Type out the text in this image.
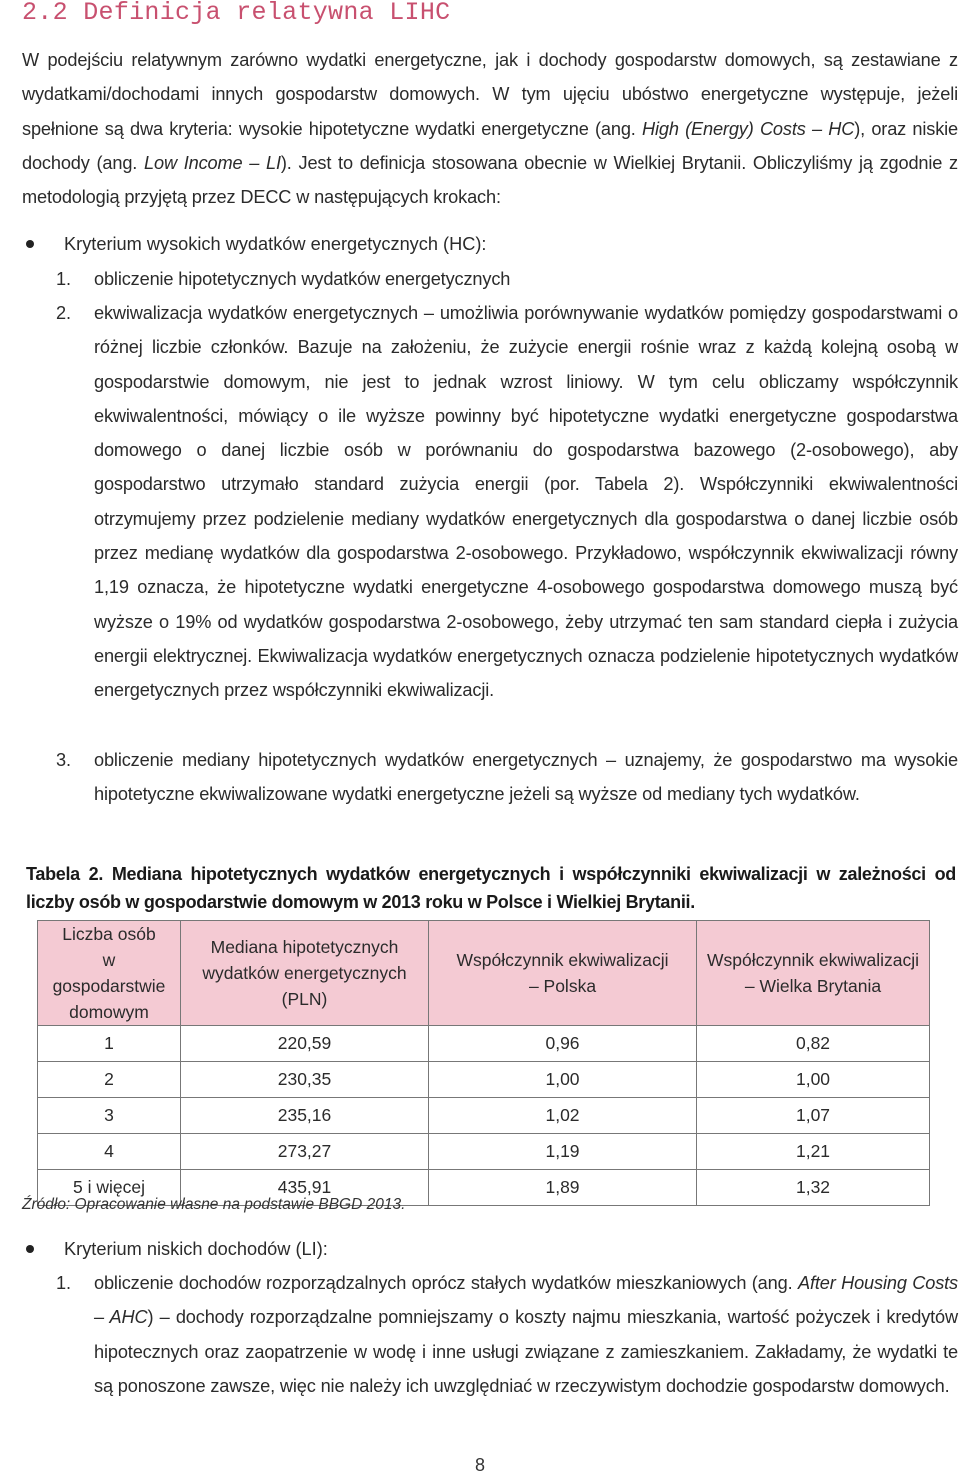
2.2 Definicja relatywna LIHC

W podejściu relatywnym zarówno wydatki energetyczne, jak i dochody gospodarstw domowych, są zestawiane z wydatkami/dochodami innych gospodarstw domowych. W tym ujęciu ubóstwo energetyczne występuje, jeżeli spełnione są dwa kryteria: wysokie hipotetyczne wydatki energetyczne (ang. High (Energy) Costs – HC), oraz niskie dochody (ang. Low Income – LI). Jest to definicja stosowana obecnie w Wielkiej Brytanii. Obliczyliśmy ją zgodnie z metodologią przyjętą przez DECC w następujących krokach:

Kryterium wysokich wydatków energetycznych (HC):
1. obliczenie hipotetycznych wydatków energetycznych

2. ekwiwalizacja wydatków energetycznych – umożliwia porównywanie wydatków pomiędzy gospodarstwami o różnej liczbie członków. Bazuje na założeniu, że zużycie energii rośnie wraz z każdą kolejną osobą w gospodarstwie domowym, nie jest to jednak wzrost liniowy. W tym celu obliczamy współczynnik ekwiwalentności, mówiący o ile wyższe powinny być hipotetyczne wydatki energetyczne gospodarstwa domowego o danej liczbie osób w porównaniu do gospodarstwa bazowego (2-osobowego), aby gospodarstwo utrzymało standard zużycia energii (por. Tabela 2). Współczynniki ekwiwalentności otrzymujemy przez podzielenie mediany wydatków energetycznych dla gospodarstwa o danej liczbie osób przez medianę wydatków dla gospodarstwa 2-osobowego. Przykładowo, współczynnik ekwiwalizacji równy 1,19 oznacza, że hipotetyczne wydatki energetyczne 4-osobowego gospodarstwa domowego muszą być wyższe o 19% od wydatków gospodarstwa 2-osobowego, żeby utrzymać ten sam standard ciepła i zużycia energii elektrycznej. Ekwiwalizacja wydatków energetycznych oznacza podzielenie hipotetycznych wydatków energetycznych przez współczynniki ekwiwalizacji.

3. obliczenie mediany hipotetycznych wydatków energetycznych – uznajemy, że gospodarstwo ma wysokie hipotetyczne ekwiwalizowane wydatki energetyczne jeżeli są wyższe od mediany tych wydatków.

Tabela 2. Mediana hipotetycznych wydatków energetycznych i współczynniki ekwiwalizacji w zależności od liczby osób w gospodarstwie domowym w 2013 roku w Polsce i Wielkiej Brytanii.

Liczba osób
w gospodarstwie
domowym	Mediana hipotetycznych
wydatków energetycznych
(PLN)	Współczynnik ekwiwalizacji
– Polska	Współczynnik ekwiwalizacji
– Wielka Brytania
1	220,59	0,96	0,82
2	230,35	1,00	1,00
3	235,16	1,02	1,07
4	273,27	1,19	1,21
5 i więcej	435,91	1,89	1,32

Źródło: Opracowanie własne na podstawie BBGD 2013.

Kryterium niskich dochodów (LI):
1. obliczenie dochodów rozporządzalnych oprócz stałych wydatków mieszkaniowych (ang. After Housing Costs – AHC) – dochody rozporządzalne pomniejszamy o koszty najmu mieszkania, wartość pożyczek i kredytów hipotecznych oraz zaopatrzenie w wodę i inne usługi związane z zamieszkaniem. Zakładamy, że wydatki te są ponoszone zawsze, więc nie należy ich uwzględniać w rzeczywistym dochodzie gospodarstw domowych.

8
